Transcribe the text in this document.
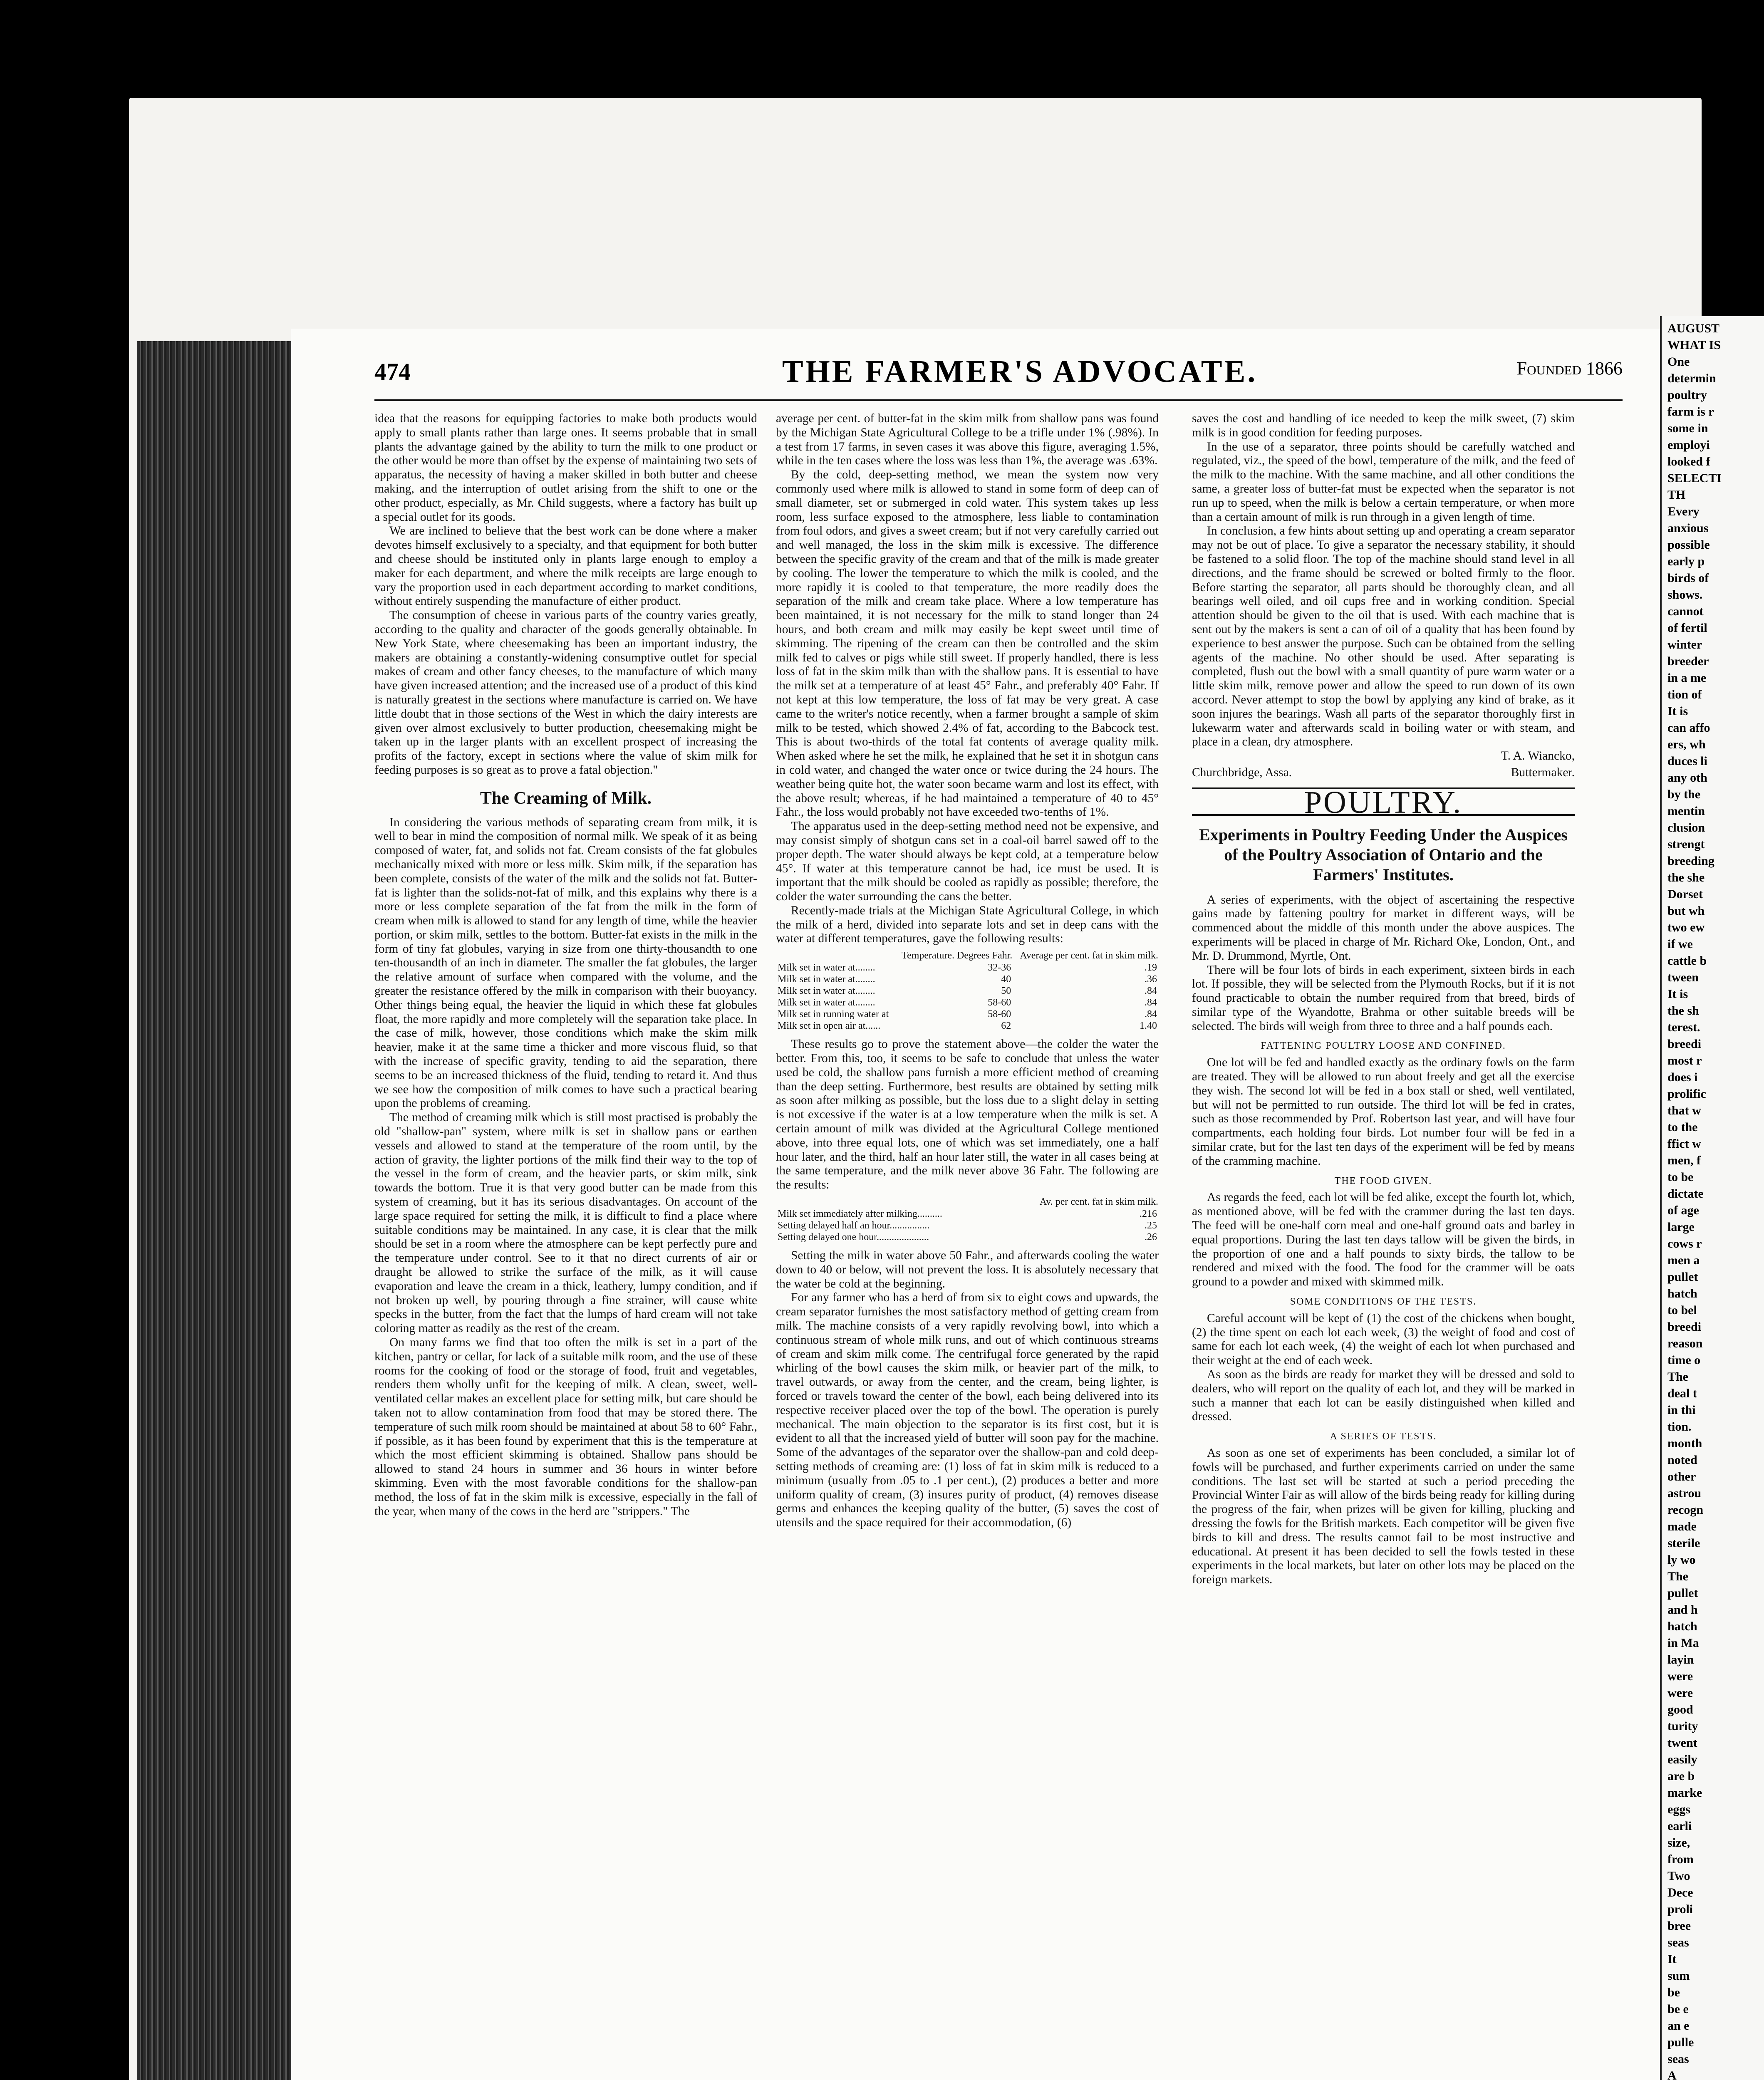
AUGUST
WHAT IS
One
determin
poultry
farm is r
some in
employi
looked f
SELECTI
TH
Every
anxious
possible
early p
birds of
shows.
cannot
of fertil
winter
breeder
in a me
tion of
It is
can affo
ers, wh
duces li
any oth
by the
mentin
clusion
strengt
breeding
the she
Dorset
but wh
two ew
if we
cattle b
tween
It is
the sh
terest.
breedi
most r
does i
prolific
that w
to the
ffict w
men, f
to be
dictate
of age
large
cows r
men a
pullet
hatch
to bel
breedi
reason
time o
The
deal t
in thi
tion.
month
noted
other
astrou
recogn
made
sterile
ly wo
The
pullet
and h
hatch
in Ma
layin
were
were
good
turity
twent
easily
are b
marke
eggs
earli
size,
from
Two
Dece
proli
bree
seas
It
sum
be
be e
an e
pulle
seas
A
474	THE FARMER'S ADVOCATE.	Founded 1866

idea that the reasons for equipping factories to make both products would apply to small plants rather than large ones. It seems probable that in small plants the advantage gained by the ability to turn the milk to one product or the other would be more than offset by the expense of maintaining two sets of apparatus, the necessity of having a maker skilled in both butter and cheese making, and the interruption of outlet arising from the shift to one or the other product, especially, as Mr. Child suggests, where a factory has built up a special outlet for its goods.

We are inclined to believe that the best work can be done where a maker devotes himself exclusively to a specialty, and that equipment for both butter and cheese should be instituted only in plants large enough to employ a maker for each department, and where the milk receipts are large enough to vary the proportion used in each department according to market conditions, without entirely suspending the manufacture of either product.

The consumption of cheese in various parts of the country varies greatly, according to the quality and character of the goods generally obtainable. In New York State, where cheesemaking has been an important industry, the makers are obtaining a constantly-widening consumptive outlet for special makes of cream and other fancy cheeses, to the manufacture of which many have given increased attention; and the increased use of a product of this kind is naturally greatest in the sections where manufacture is carried on. We have little doubt that in those sections of the West in which the dairy interests are given over almost exclusively to butter production, cheesemaking might be taken up in the larger plants with an excellent prospect of increasing the profits of the factory, except in sections where the value of skim milk for feeding purposes is so great as to prove a fatal objection."

The Creaming of Milk.

In considering the various methods of separating cream from milk, it is well to bear in mind the composition of normal milk. We speak of it as being composed of water, fat, and solids not fat. Cream consists of the fat globules mechanically mixed with more or less milk. Skim milk, if the separation has been complete, consists of the water of the milk and the solids not fat. Butter-fat is lighter than the solids-not-fat of milk, and this explains why there is a more or less complete separation of the fat from the milk in the form of cream when milk is allowed to stand for any length of time, while the heavier portion, or skim milk, settles to the bottom. Butter-fat exists in the milk in the form of tiny fat globules, varying in size from one thirty-thousandth to one ten-thousandth of an inch in diameter. The smaller the fat globules, the larger the relative amount of surface when compared with the volume, and the greater the resistance offered by the milk in comparison with their buoyancy. Other things being equal, the heavier the liquid in which these fat globules float, the more rapidly and more completely will the separation take place. In the case of milk, however, those conditions which make the skim milk heavier, make it at the same time a thicker and more viscous fluid, so that with the increase of specific gravity, tending to aid the separation, there seems to be an increased thickness of the fluid, tending to retard it. And thus we see how the composition of milk comes to have such a practical bearing upon the problems of creaming.

The method of creaming milk which is still most practised is probably the old "shallow-pan" system, where milk is set in shallow pans or earthen vessels and allowed to stand at the temperature of the room until, by the action of gravity, the lighter portions of the milk find their way to the top of the vessel in the form of cream, and the heavier parts, or skim milk, sink towards the bottom. True it is that very good butter can be made from this system of creaming, but it has its serious disadvantages. On account of the large space required for setting the milk, it is difficult to find a place where suitable conditions may be maintained. In any case, it is clear that the milk should be set in a room where the atmosphere can be kept perfectly pure and the temperature under control. See to it that no direct currents of air or draught be allowed to strike the surface of the milk, as it will cause evaporation and leave the cream in a thick, leathery, lumpy condition, and if not broken up well, by pouring through a fine strainer, will cause white specks in the butter, from the fact that the lumps of hard cream will not take coloring matter as readily as the rest of the cream.

On many farms we find that too often the milk is set in a part of the kitchen, pantry or cellar, for lack of a suitable milk room, and the use of these rooms for the cooking of food or the storage of food, fruit and vegetables, renders them wholly unfit for the keeping of milk. A clean, sweet, well-ventilated cellar makes an excellent place for setting milk, but care should be taken not to allow contamination from food that may be stored there. The temperature of such milk room should be maintained at about 58 to 60° Fahr., if possible, as it has been found by experiment that this is the temperature at which the most efficient skimming is obtained. Shallow pans should be allowed to stand 24 hours in summer and 36 hours in winter before skimming. Even with the most favorable conditions for the shallow-pan method, the loss of fat in the skim milk is excessive, especially in the fall of the year, when many of the cows in the herd are "strippers." The

average per cent. of butter-fat in the skim milk from shallow pans was found by the Michigan State Agricultural College to be a trifle under 1% (.98%). In a test from 17 farms, in seven cases it was above this figure, averaging 1.5%, while in the ten cases where the loss was less than 1%, the average was .63%.

By the cold, deep-setting method, we mean the system now very commonly used where milk is allowed to stand in some form of deep can of small diameter, set or submerged in cold water. This system takes up less room, less surface exposed to the atmosphere, less liable to contamination from foul odors, and gives a sweet cream; but if not very carefully carried out and well managed, the loss in the skim milk is excessive. The difference between the specific gravity of the cream and that of the milk is made greater by cooling. The lower the temperature to which the milk is cooled, and the more rapidly it is cooled to that temperature, the more readily does the separation of the milk and cream take place. Where a low temperature has been maintained, it is not necessary for the milk to stand longer than 24 hours, and both cream and milk may easily be kept sweet until time of skimming. The ripening of the cream can then be controlled and the skim milk fed to calves or pigs while still sweet. If properly handled, there is less loss of fat in the skim milk than with the shallow pans. It is essential to have the milk set at a temperature of at least 45° Fahr., and preferably 40° Fahr. If not kept at this low temperature, the loss of fat may be very great. A case came to the writer's notice recently, when a farmer brought a sample of skim milk to be tested, which showed 2.4% of fat, according to the Babcock test. This is about two-thirds of the total fat contents of average quality milk. When asked where he set the milk, he explained that he set it in shotgun cans in cold water, and changed the water once or twice during the 24 hours. The weather being quite hot, the water soon became warm and lost its effect, with the above result; whereas, if he had maintained a temperature of 40 to 45° Fahr., the loss would probably not have exceeded two-tenths of 1%.

The apparatus used in the deep-setting method need not be expensive, and may consist simply of shotgun cans set in a coal-oil barrel sawed off to the proper depth. The water should always be kept cold, at a temperature below 45°. If water at this temperature cannot be had, ice must be used. It is important that the milk should be cooled as rapidly as possible; therefore, the colder the water surrounding the cans the better.

Recently-made trials at the Michigan State Agricultural College, in which the milk of a herd, divided into separate lots and set in deep cans with the water at different temperatures, gave the following results:

	Temperature. Degrees Fahr.	Average per cent. fat in skim milk.
Milk set in water at........	32-36	.19
Milk set in water at........	40	.36
Milk set in water at........	50	.84
Milk set in water at........	58-60	.84
Milk set in running water at	58-60	.84
Milk set in open air at......	62	1.40

These results go to prove the statement above—the colder the water the better. From this, too, it seems to be safe to conclude that unless the water used be cold, the shallow pans furnish a more efficient method of creaming than the deep setting. Furthermore, best results are obtained by setting milk as soon after milking as possible, but the loss due to a slight delay in setting is not excessive if the water is at a low temperature when the milk is set. A certain amount of milk was divided at the Agricultural College mentioned above, into three equal lots, one of which was set immediately, one a half hour later, and the third, half an hour later still, the water in all cases being at the same temperature, and the milk never above 36 Fahr. The following are the results:

	Av. per cent. fat in skim milk.
Milk set immediately after milking..........	.216
Setting delayed half an hour................	.25
Setting delayed one hour.....................	.26

Setting the milk in water above 50 Fahr., and afterwards cooling the water down to 40 or below, will not prevent the loss. It is absolutely necessary that the water be cold at the beginning.

For any farmer who has a herd of from six to eight cows and upwards, the cream separator furnishes the most satisfactory method of getting cream from milk. The machine consists of a very rapidly revolving bowl, into which a continuous stream of whole milk runs, and out of which continuous streams of cream and skim milk come. The centrifugal force generated by the rapid whirling of the bowl causes the skim milk, or heavier part of the milk, to travel outwards, or away from the center, and the cream, being lighter, is forced or travels toward the center of the bowl, each being delivered into its respective receiver placed over the top of the bowl. The operation is purely mechanical. The main objection to the separator is its first cost, but it is evident to all that the increased yield of butter will soon pay for the machine. Some of the advantages of the separator over the shallow-pan and cold deep-setting methods of creaming are: (1) loss of fat in skim milk is reduced to a minimum (usually from .05 to .1 per cent.), (2) produces a better and more uniform quality of cream, (3) insures purity of product, (4) removes disease germs and enhances the keeping quality of the butter, (5) saves the cost of utensils and the space required for their accommodation, (6)

saves the cost and handling of ice needed to keep the milk sweet, (7) skim milk is in good condition for feeding purposes.

In the use of a separator, three points should be carefully watched and regulated, viz., the speed of the bowl, temperature of the milk, and the feed of the milk to the machine. With the same machine, and all other conditions the same, a greater loss of butter-fat must be expected when the separator is not run up to speed, when the milk is below a certain temperature, or when more than a certain amount of milk is run through in a given length of time.

In conclusion, a few hints about setting up and operating a cream separator may not be out of place. To give a separator the necessary stability, it should be fastened to a solid floor. The top of the machine should stand level in all directions, and the frame should be screwed or bolted firmly to the floor. Before starting the separator, all parts should be thoroughly clean, and all bearings well oiled, and oil cups free and in working condition. Special attention should be given to the oil that is used. With each machine that is sent out by the makers is sent a can of oil of a quality that has been found by experience to best answer the purpose. Such can be obtained from the selling agents of the machine. No other should be used. After separating is completed, flush out the bowl with a small quantity of pure warm water or a little skim milk, remove power and allow the speed to run down of its own accord. Never attempt to stop the bowl by applying any kind of brake, as it soon injures the bearings. Wash all parts of the separator thoroughly first in lukewarm water and afterwards scald in boiling water or with steam, and place in a clean, dry atmosphere.

T. A. Wiancko,
Churchbridge, Assa.	Buttermaker.
POULTRY.
Experiments in Poultry Feeding Under the Auspices of the Poultry Association of Ontario and the Farmers' Institutes.

A series of experiments, with the object of ascertaining the respective gains made by fattening poultry for market in different ways, will be commenced about the middle of this month under the above auspices. The experiments will be placed in charge of Mr. Richard Oke, London, Ont., and Mr. D. Drummond, Myrtle, Ont.

There will be four lots of birds in each experiment, sixteen birds in each lot. If possible, they will be selected from the Plymouth Rocks, but if it is not found practicable to obtain the number required from that breed, birds of similar type of the Wyandotte, Brahma or other suitable breeds will be selected. The birds will weigh from three to three and a half pounds each.

FATTENING POULTRY LOOSE AND CONFINED.

One lot will be fed and handled exactly as the ordinary fowls on the farm are treated. They will be allowed to run about freely and get all the exercise they wish. The second lot will be fed in a box stall or shed, well ventilated, but will not be permitted to run outside. The third lot will be fed in crates, such as those recommended by Prof. Robertson last year, and will have four compartments, each holding four birds. Lot number four will be fed in a similar crate, but for the last ten days of the experiment will be fed by means of the cramming machine.

THE FOOD GIVEN.

As regards the feed, each lot will be fed alike, except the fourth lot, which, as mentioned above, will be fed with the crammer during the last ten days. The feed will be one-half corn meal and one-half ground oats and barley in equal proportions. During the last ten days tallow will be given the birds, in the proportion of one and a half pounds to sixty birds, the tallow to be rendered and mixed with the food. The food for the crammer will be oats ground to a powder and mixed with skimmed milk.

SOME CONDITIONS OF THE TESTS.

Careful account will be kept of (1) the cost of the chickens when bought, (2) the time spent on each lot each week, (3) the weight of food and cost of same for each lot each week, (4) the weight of each lot when purchased and their weight at the end of each week.

As soon as the birds are ready for market they will be dressed and sold to dealers, who will report on the quality of each lot, and they will be marked in such a manner that each lot can be easily distinguished when killed and dressed.

A SERIES OF TESTS.

As soon as one set of experiments has been concluded, a similar lot of fowls will be purchased, and further experiments carried on under the same conditions. The last set will be started at such a period preceding the Provincial Winter Fair as will allow of the birds being ready for killing during the progress of the fair, when prizes will be given for killing, plucking and dressing the fowls for the British markets. Each competitor will be given five birds to kill and dress. The results cannot fail to be most instructive and educational. At present it has been decided to sell the fowls tested in these experiments in the local markets, but later on other lots may be placed on the foreign markets.
